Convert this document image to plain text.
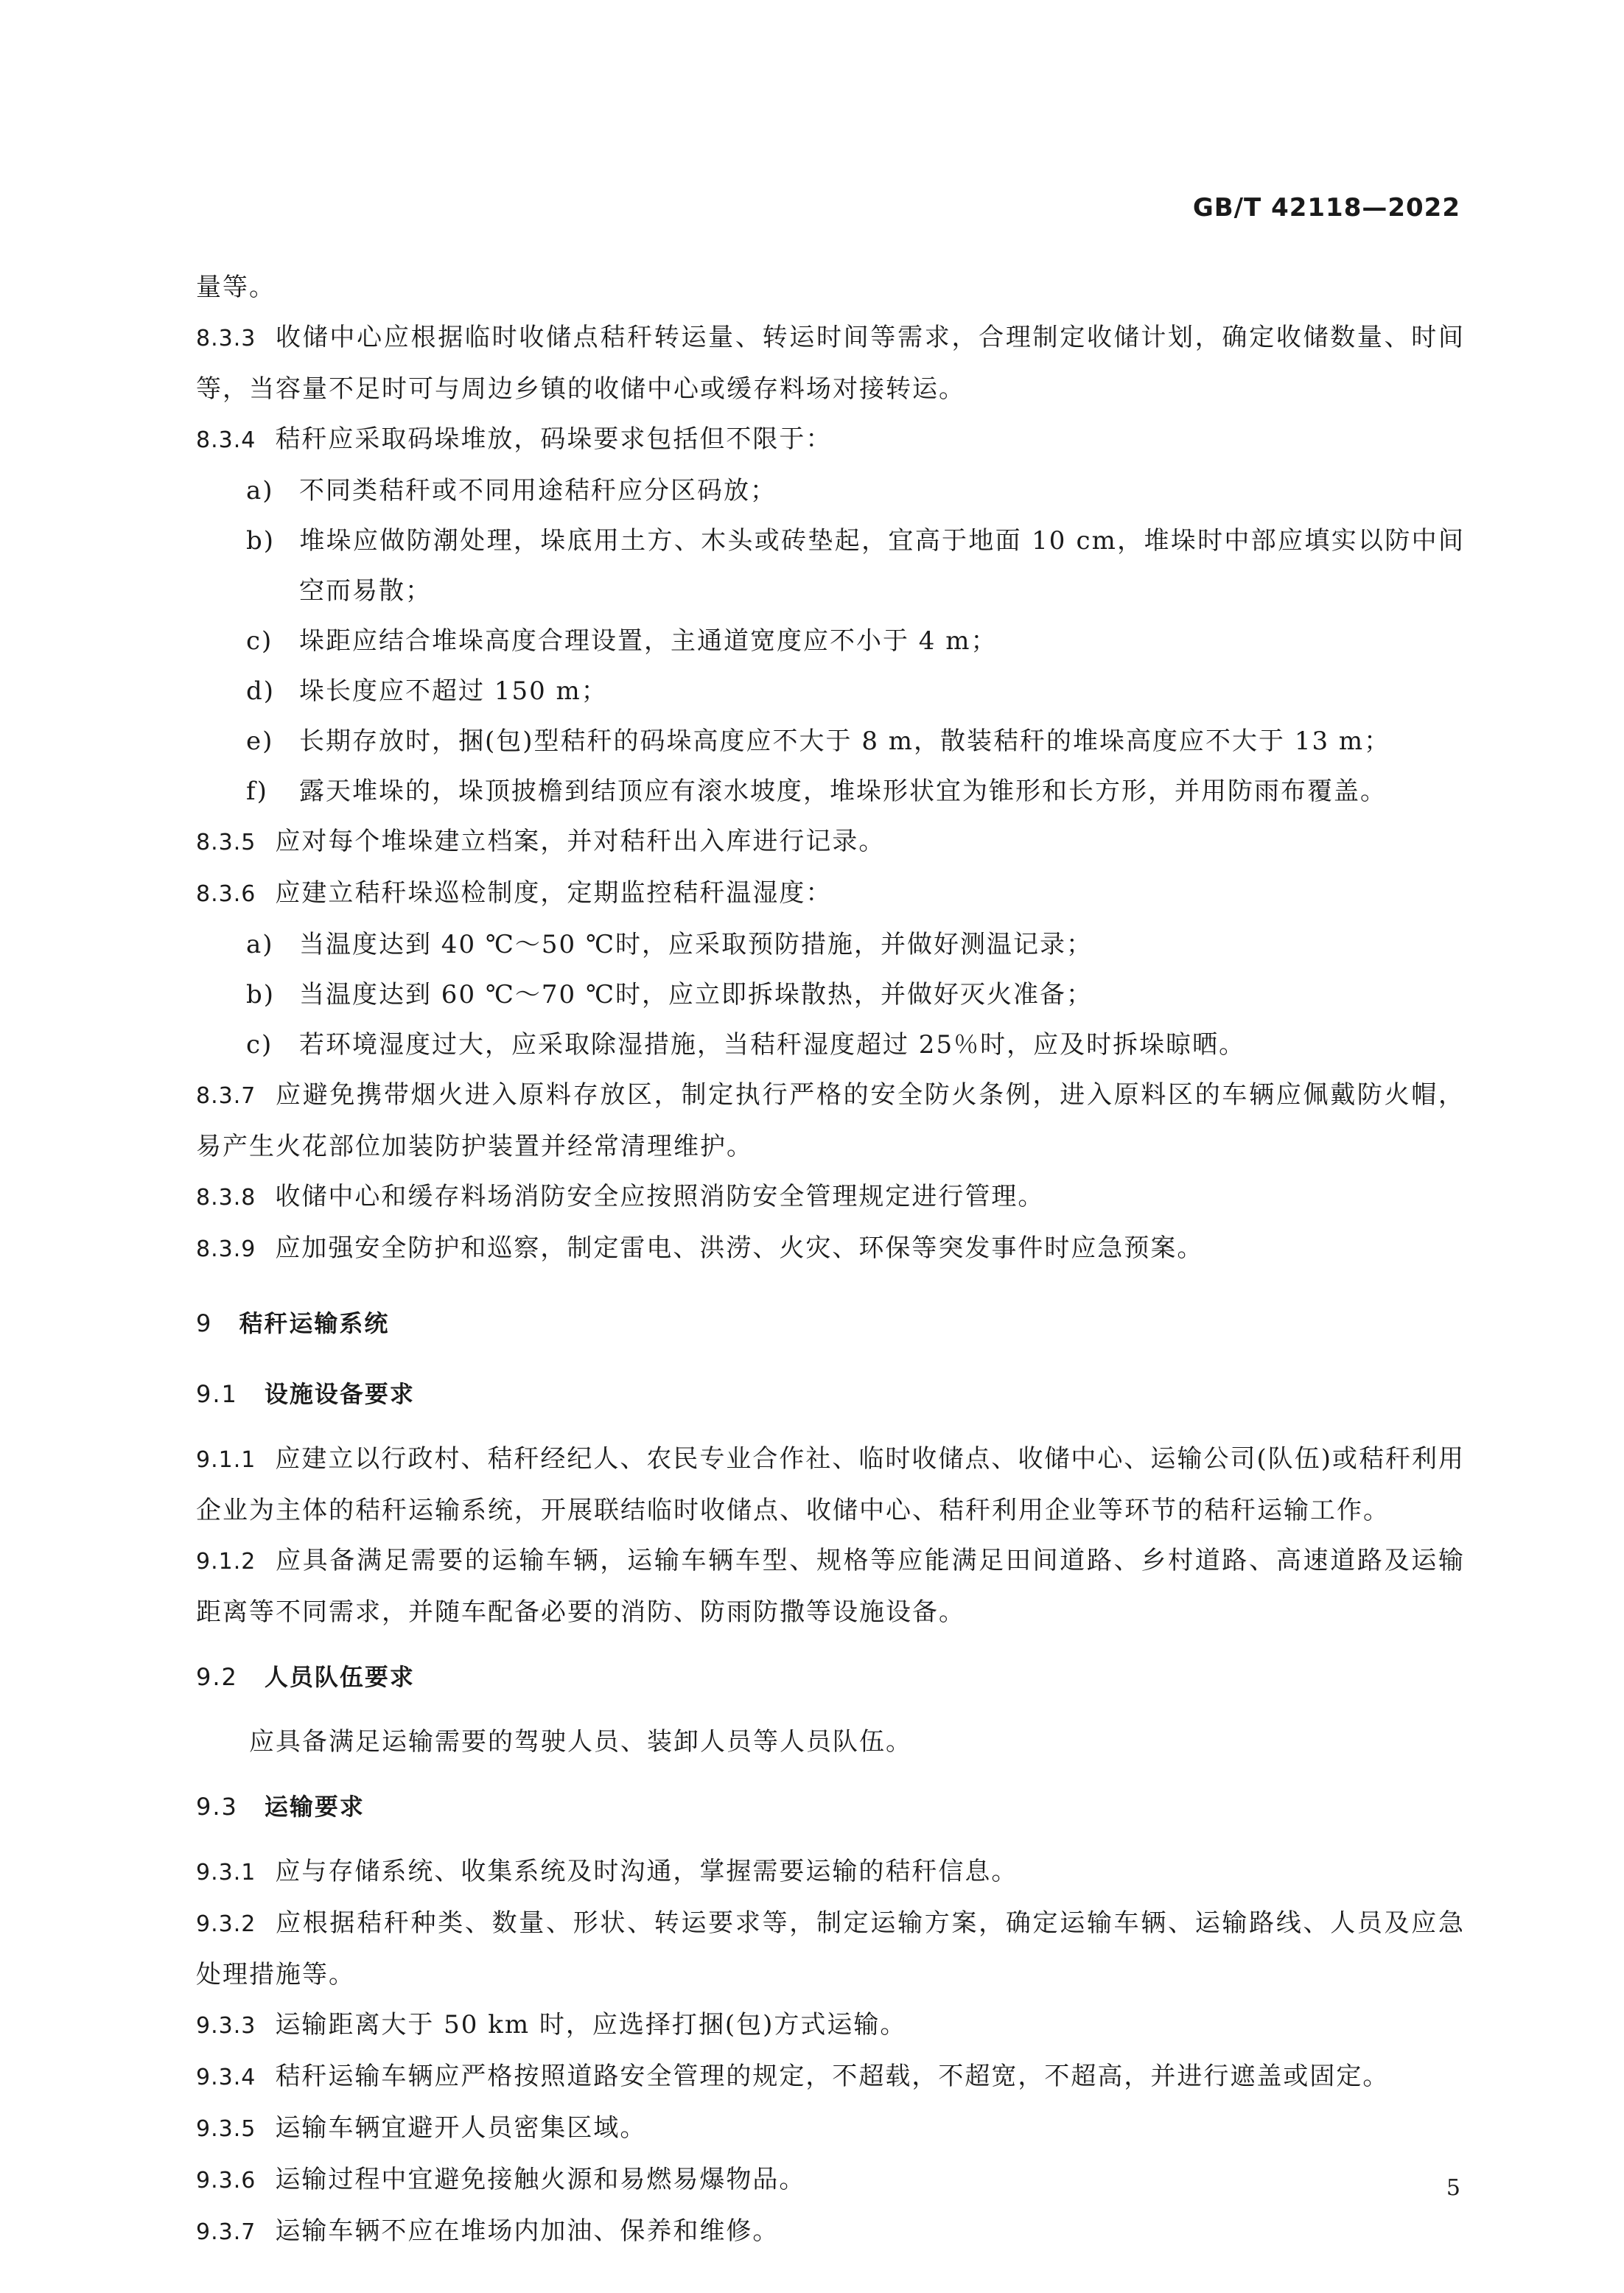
GB/T 42118—2022

量等。

8.3.3 收储中心应根据临时收储点秸秆转运量、转运时间等需求，合理制定收储计划，确定收储数量、时间等，当容量不足时可与周边乡镇的收储中心或缓存料场对接转运。

8.3.4 秸秆应采取码垛堆放，码垛要求包括但不限于：

a) 不同类秸秆或不同用途秸秆应分区码放；

b) 堆垛应做防潮处理，垛底用土方、木头或砖垫起，宜高于地面 10 cm，堆垛时中部应填实以防中间空而易散；

c) 垛距应结合堆垛高度合理设置，主通道宽度应不小于 4 m；

d) 垛长度应不超过 150 m；

e) 长期存放时，捆(包)型秸秆的码垛高度应不大于 8 m，散装秸秆的堆垛高度应不大于 13 m；

f) 露天堆垛的，垛顶披檐到结顶应有滚水坡度，堆垛形状宜为锥形和长方形，并用防雨布覆盖。

8.3.5 应对每个堆垛建立档案，并对秸秆出入库进行记录。

8.3.6 应建立秸秆垛巡检制度，定期监控秸秆温湿度：

a) 当温度达到 40 ℃～50 ℃时，应采取预防措施，并做好测温记录；

b) 当温度达到 60 ℃～70 ℃时，应立即拆垛散热，并做好灭火准备；

c) 若环境湿度过大，应采取除湿措施，当秸秆湿度超过 25％时，应及时拆垛晾晒。

8.3.7 应避免携带烟火进入原料存放区，制定执行严格的安全防火条例，进入原料区的车辆应佩戴防火帽，易产生火花部位加装防护装置并经常清理维护。

8.3.8 收储中心和缓存料场消防安全应按照消防安全管理规定进行管理。

8.3.9 应加强安全防护和巡察，制定雷电、洪涝、火灾、环保等突发事件时应急预案。

9 秸秆运输系统
9.1 设施设备要求

9.1.1 应建立以行政村、秸秆经纪人、农民专业合作社、临时收储点、收储中心、运输公司(队伍)或秸秆利用企业为主体的秸秆运输系统，开展联结临时收储点、收储中心、秸秆利用企业等环节的秸秆运输工作。

9.1.2 应具备满足需要的运输车辆，运输车辆车型、规格等应能满足田间道路、乡村道路、高速道路及运输距离等不同需求，并随车配备必要的消防、防雨防撒等设施设备。

9.2 人员队伍要求

应具备满足运输需要的驾驶人员、装卸人员等人员队伍。

9.3 运输要求

9.3.1 应与存储系统、收集系统及时沟通，掌握需要运输的秸秆信息。

9.3.2 应根据秸秆种类、数量、形状、转运要求等，制定运输方案，确定运输车辆、运输路线、人员及应急处理措施等。

9.3.3 运输距离大于 50 km 时，应选择打捆(包)方式运输。

9.3.4 秸秆运输车辆应严格按照道路安全管理的规定，不超载，不超宽，不超高，并进行遮盖或固定。

9.3.5 运输车辆宜避开人员密集区域。

9.3.6 运输过程中宜避免接触火源和易燃易爆物品。

9.3.7 运输车辆不应在堆场内加油、保养和维修。

5
